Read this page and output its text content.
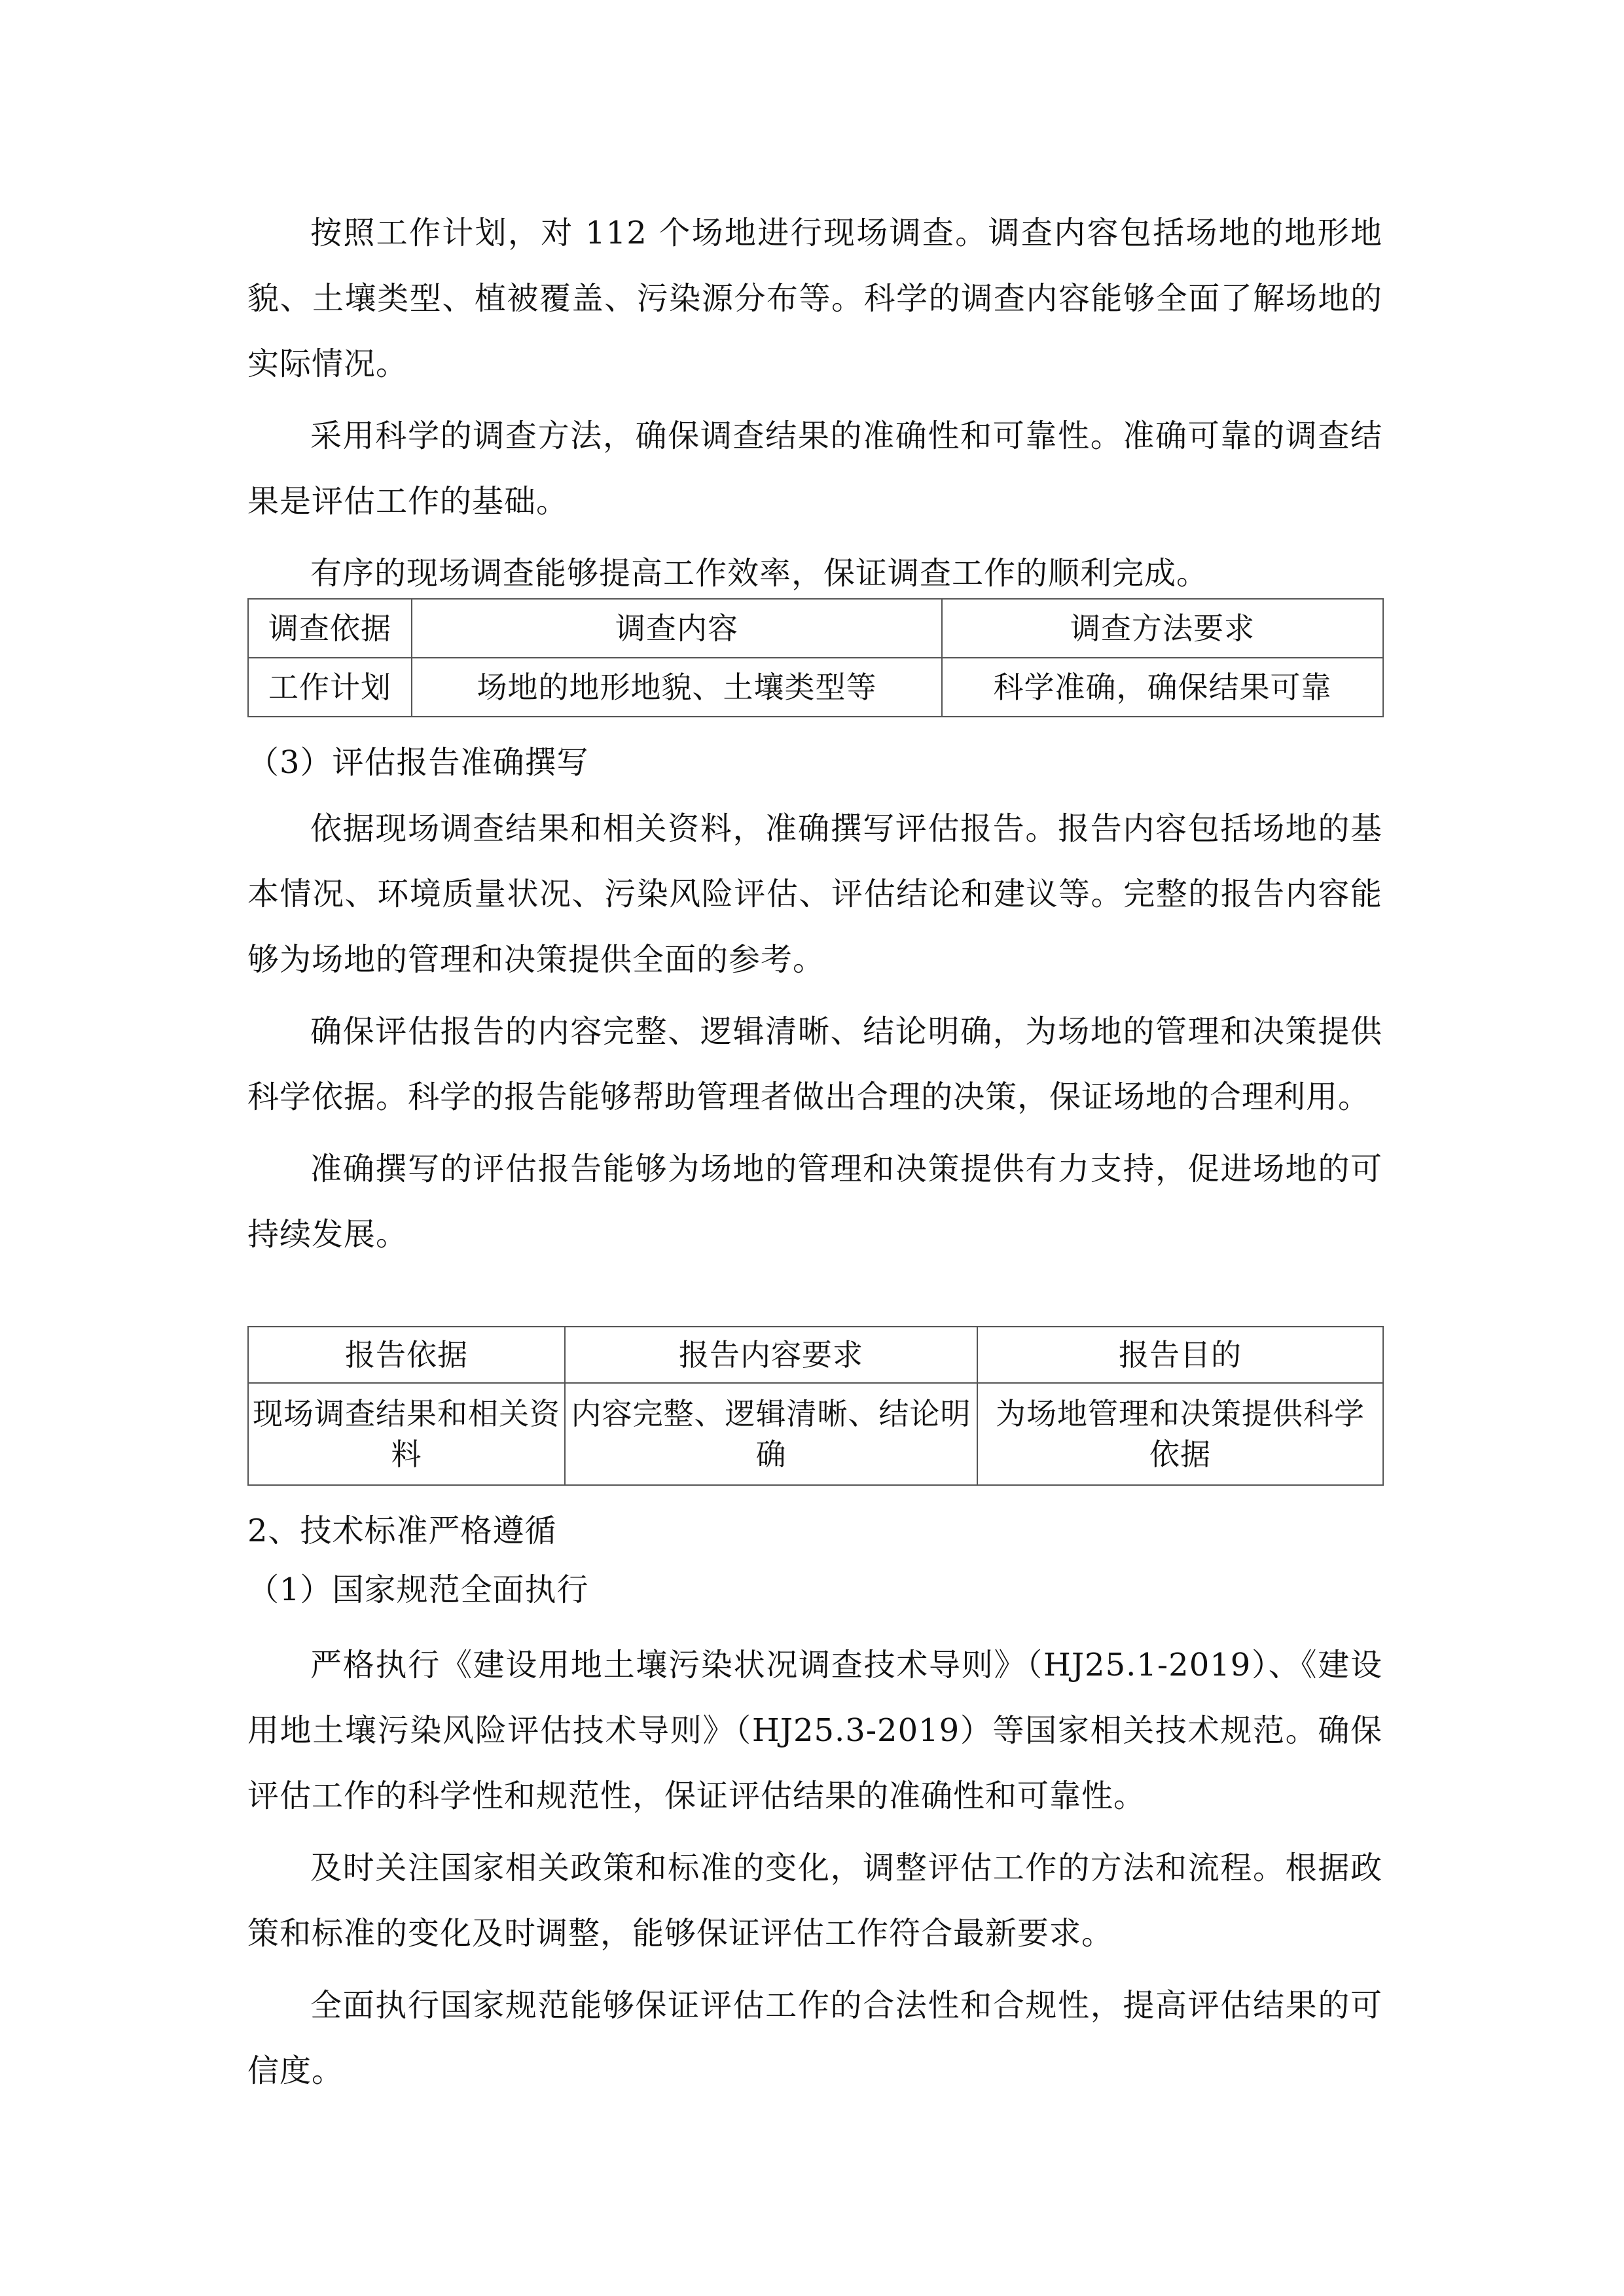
按照工作计划，对 112 个场地进行现场调查。调查内容包括场地的地形地貌、土壤类型、植被覆盖、污染源分布等。科学的调查内容能够全面了解场地的实际情况。

采用科学的调查方法，确保调查结果的准确性和可靠性。准确可靠的调查结果是评估工作的基础。

有序的现场调查能够提高工作效率，保证调查工作的顺利完成。

调查依据	调查内容	调查方法要求
工作计划	场地的地形地貌、土壤类型等	科学准确，确保结果可靠

（3）评估报告准确撰写

依据现场调查结果和相关资料，准确撰写评估报告。报告内容包括场地的基本情况、环境质量状况、污染风险评估、评估结论和建议等。完整的报告内容能够为场地的管理和决策提供全面的参考。

确保评估报告的内容完整、逻辑清晰、结论明确，为场地的管理和决策提供科学依据。科学的报告能够帮助管理者做出合理的决策，保证场地的合理利用。

准确撰写的评估报告能够为场地的管理和决策提供有力支持，促进场地的可持续发展。

报告依据	报告内容要求	报告目的
现场调查结果和相关资料	内容完整、逻辑清晰、结论明确	为场地管理和决策提供科学依据

2、技术标准严格遵循

（1）国家规范全面执行

严格执行《建设用地土壤污染状况调查技术导则》（HJ25.1-2019）、《建设用地土壤污染风险评估技术导则》（HJ25.3-2019）等国家相关技术规范。确保评估工作的科学性和规范性，保证评估结果的准确性和可靠性。

及时关注国家相关政策和标准的变化，调整评估工作的方法和流程。根据政策和标准的变化及时调整，能够保证评估工作符合最新要求。

全面执行国家规范能够保证评估工作的合法性和合规性，提高评估结果的可信度。
